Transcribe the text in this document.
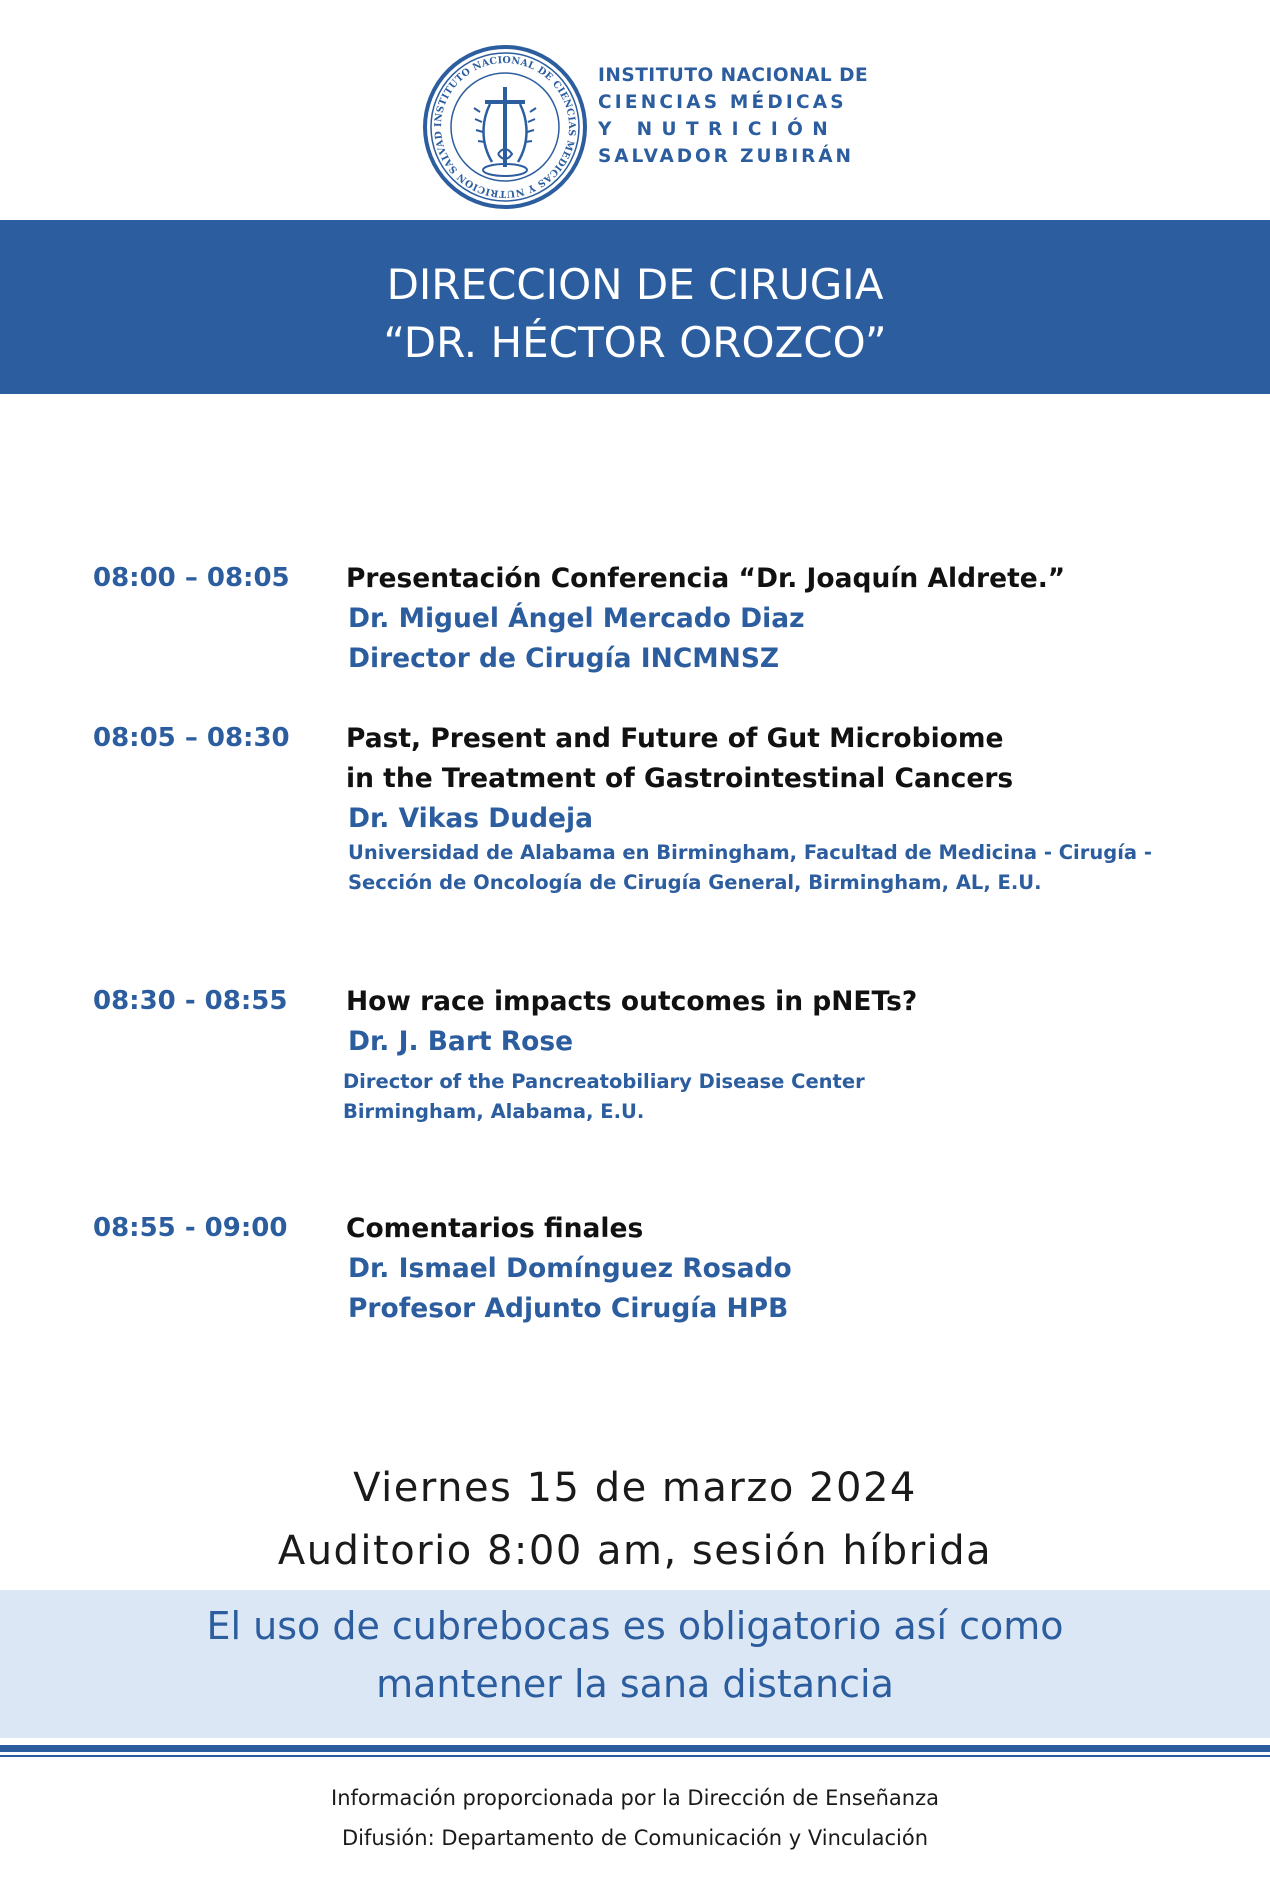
INSTITUTO NACIONAL DE CIENCIAS MEDICAS Y NUTRICION SALVAD
INSTITUTO NACIONAL DE
CIENCIAS MÉDICAS
Y NUTRICIÓN
SALVADOR ZUBIRÁN
DIRECCION DE CIRUGIA
“DR. HÉCTOR OROZCO”
08:00 – 08:05 Presentación Conferencia “Dr. Joaquín Aldrete.”
Dr. Miguel Ángel Mercado Diaz
Director de Cirugía INCMNSZ
08:05 – 08:30 Past, Present and Future of Gut Microbiome
in the Treatment of Gastrointestinal Cancers
Dr. Vikas Dudeja
Universidad de Alabama en Birmingham, Facultad de Medicina - Cirugía -
Sección de Oncología de Cirugía General, Birmingham, AL, E.U.
08:30 - 08:55 How race impacts outcomes in pNETs?
Dr. J. Bart Rose
Director of the Pancreatobiliary Disease Center
Birmingham, Alabama, E.U.
08:55 - 09:00 Comentarios finales
Dr. Ismael Domínguez Rosado
Profesor Adjunto Cirugía HPB
Viernes 15 de marzo 2024
Auditorio 8:00 am, sesión híbrida
El uso de cubrebocas es obligatorio así como
mantener la sana distancia
Información proporcionada por la Dirección de Enseñanza
Difusión: Departamento de Comunicación y Vinculación
